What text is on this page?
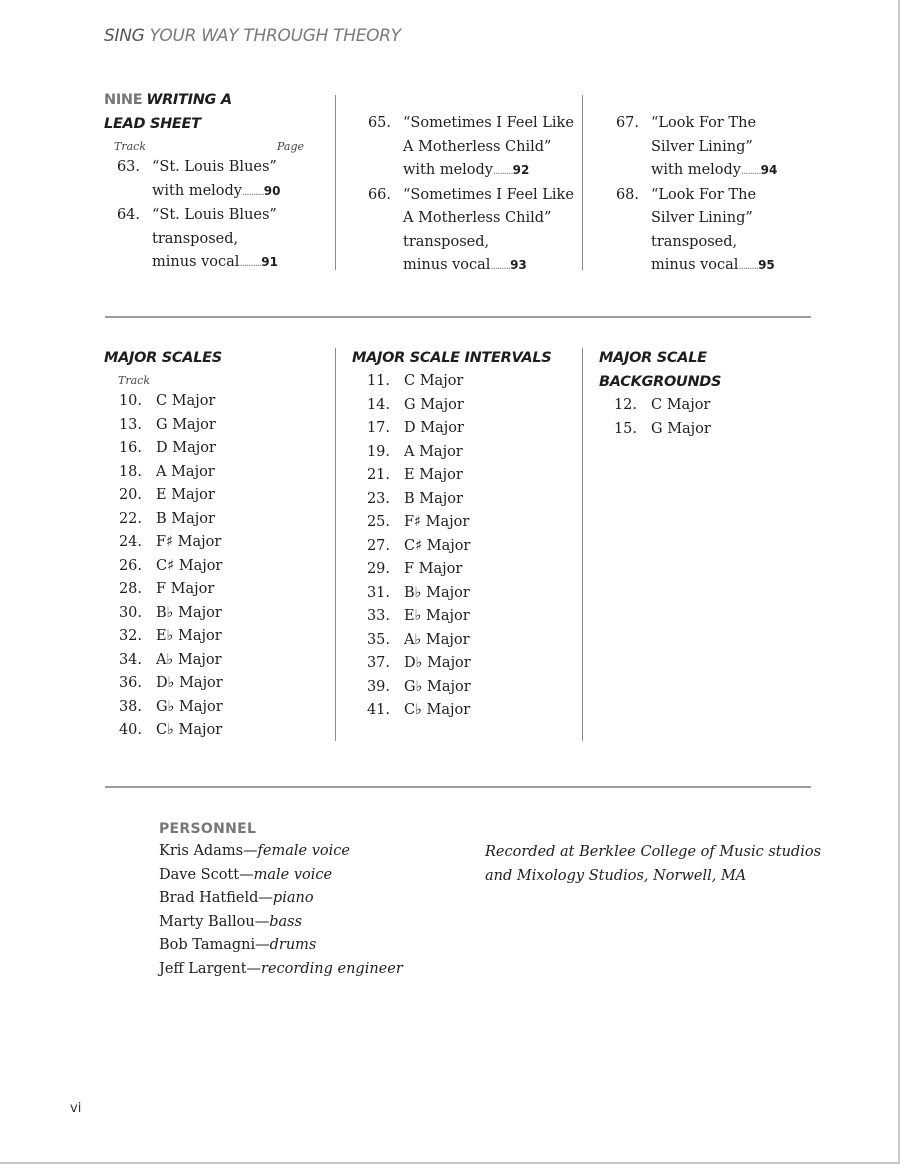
SING YOUR WAY THROUGH THEORY
NINE WRITING A
LEAD SHEET
Track	Page
63. “St. Louis Blues”
with melody..........90
64. “St. Louis Blues”
transposed,
minus vocal..........91
65. “Sometimes I Feel Like
A Motherless Child”
with melody.........92
66. “Sometimes I Feel Like
A Motherless Child”
transposed,
minus vocal.........93
67. “Look For The
Silver Lining”
with melody.........94
68. “Look For The
Silver Lining”
transposed,
minus vocal.........95
MAJOR SCALES
Track
10. C Major
13. G Major
16. D Major
18. A Major
20. E Major
22. B Major
24. F♯ Major
26. C♯ Major
28. F Major
30. B♭ Major
32. E♭ Major
34. A♭ Major
36. D♭ Major
38. G♭ Major
40. C♭ Major
MAJOR SCALE INTERVALS
11. C Major
14. G Major
17. D Major
19. A Major
21. E Major
23. B Major
25. F♯ Major
27. C♯ Major
29. F Major
31. B♭ Major
33. E♭ Major
35. A♭ Major
37. D♭ Major
39. G♭ Major
41. C♭ Major
MAJOR SCALE
BACKGROUNDS
12. C Major
15. G Major
PERSONNEL
Kris Adams—female voice
Dave Scott—male voice
Brad Hatfield—piano
Marty Ballou—bass
Bob Tamagni—drums
Jeff Largent—recording engineer
Recorded at Berklee College of Music studios
and Mixology Studios, Norwell, MA
vi
